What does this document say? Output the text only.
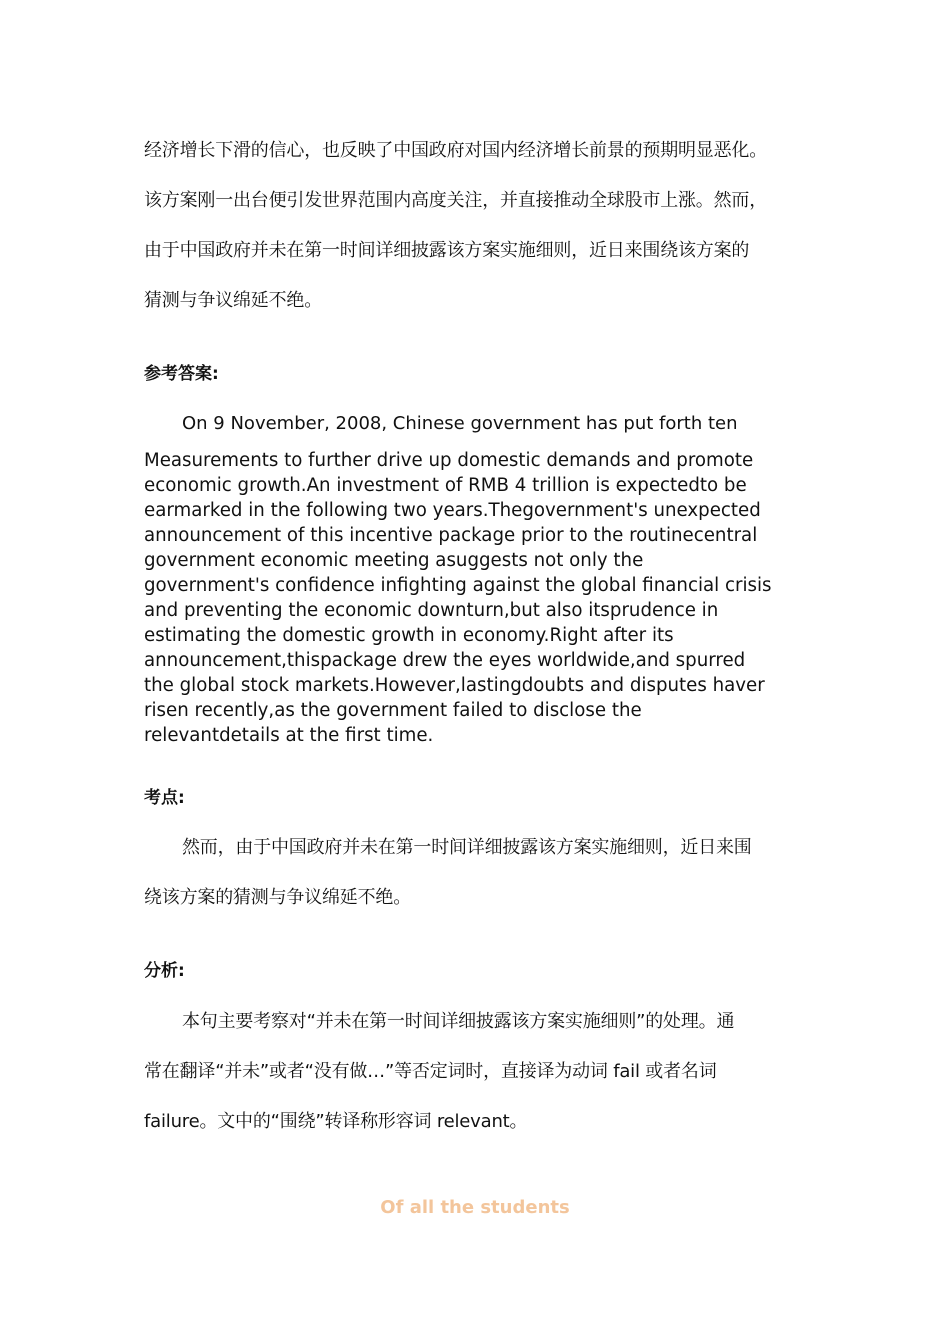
经济增长下滑的信心，也反映了中国政府对国内经济增长前景的预期明显恶化。
该方案刚一出台便引发世界范围内高度关注，并直接推动全球股市上涨。然而，
由于中国政府并未在第一时间详细披露该方案实施细则，近日来围绕该方案的
猜测与争议绵延不绝。
参考答案:
On 9 November, 2008, Chinese government has put forth ten
Measurements to further drive up domestic demands and promote
economic growth.An investment of RMB 4 trillion is expectedto be
earmarked in the following two years.Thegovernment's unexpected
announcement of this incentive package prior to the routinecentral
government economic meeting asuggests not only the
government's confidence infighting against the global financial crisis
and preventing the economic downturn,but also itsprudence in
estimating the domestic growth in economy.Right after its
announcement,thispackage drew the eyes worldwide,and spurred
the global stock markets.However,lastingdoubts and disputes haver
risen recently,as the government failed to disclose the
relevantdetails at the first time.
考点:
然而，由于中国政府并未在第一时间详细披露该方案实施细则，近日来围
绕该方案的猜测与争议绵延不绝。
分析:
本句主要考察对“并未在第一时间详细披露该方案实施细则”的处理。通
常在翻译“并未”或者“没有做…”等否定词时，直接译为动词 fail 或者名词
failure。文中的“围绕”转译称形容词 relevant。
Of all the students
